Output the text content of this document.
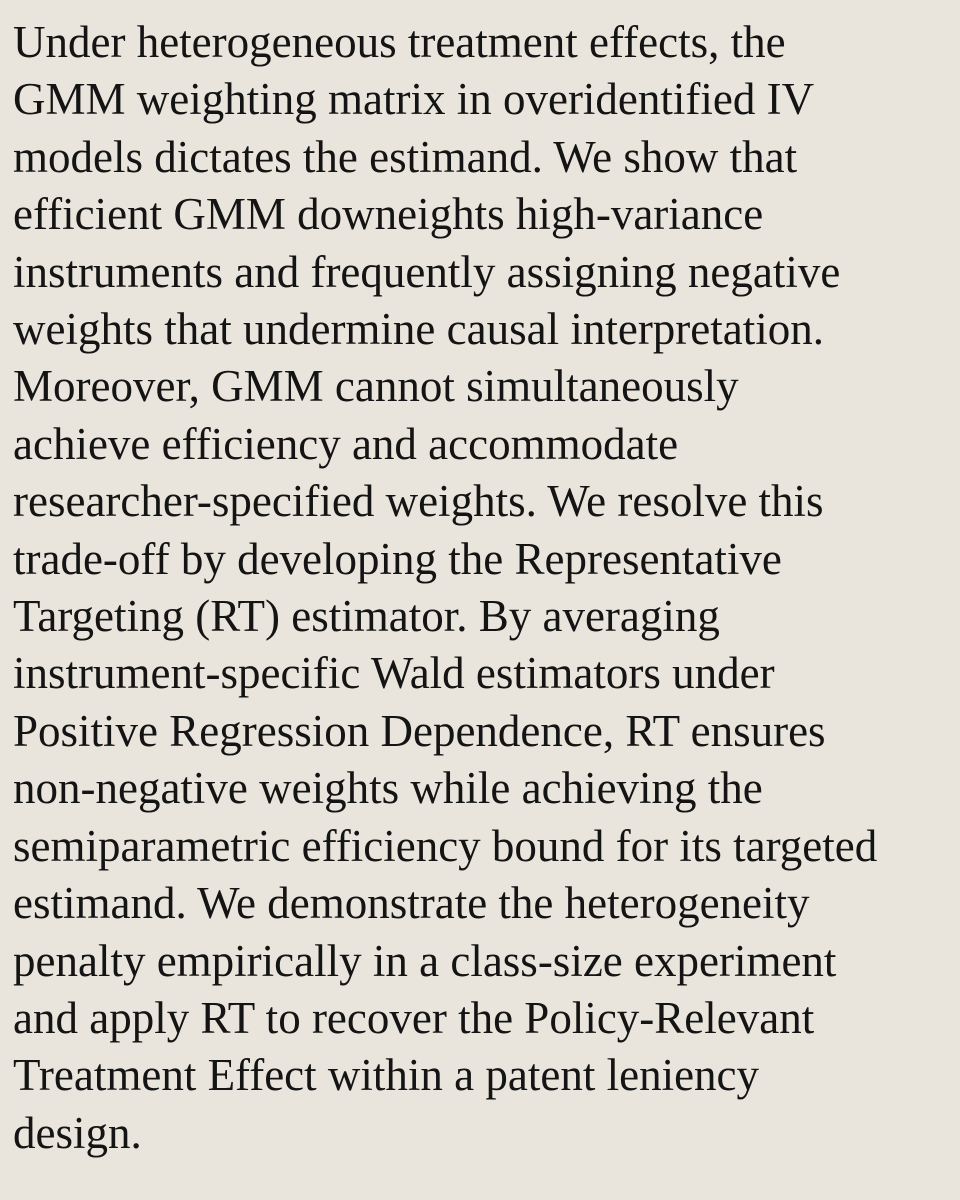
Under heterogeneous treatment effects, the
GMM weighting matrix in overidentified IV
models dictates the estimand. We show that
efficient GMM downeights high-variance
instruments and frequently assigning negative
weights that undermine causal interpretation.
Moreover, GMM cannot simultaneously
achieve efficiency and accommodate
researcher-specified weights. We resolve this
trade-off by developing the Representative
Targeting (RT) estimator. By averaging
instrument-specific Wald estimators under
Positive Regression Dependence, RT ensures
non-negative weights while achieving the
semiparametric efficiency bound for its targeted
estimand. We demonstrate the heterogeneity
penalty empirically in a class-size experiment
and apply RT to recover the Policy-Relevant
Treatment Effect within a patent leniency
design.
